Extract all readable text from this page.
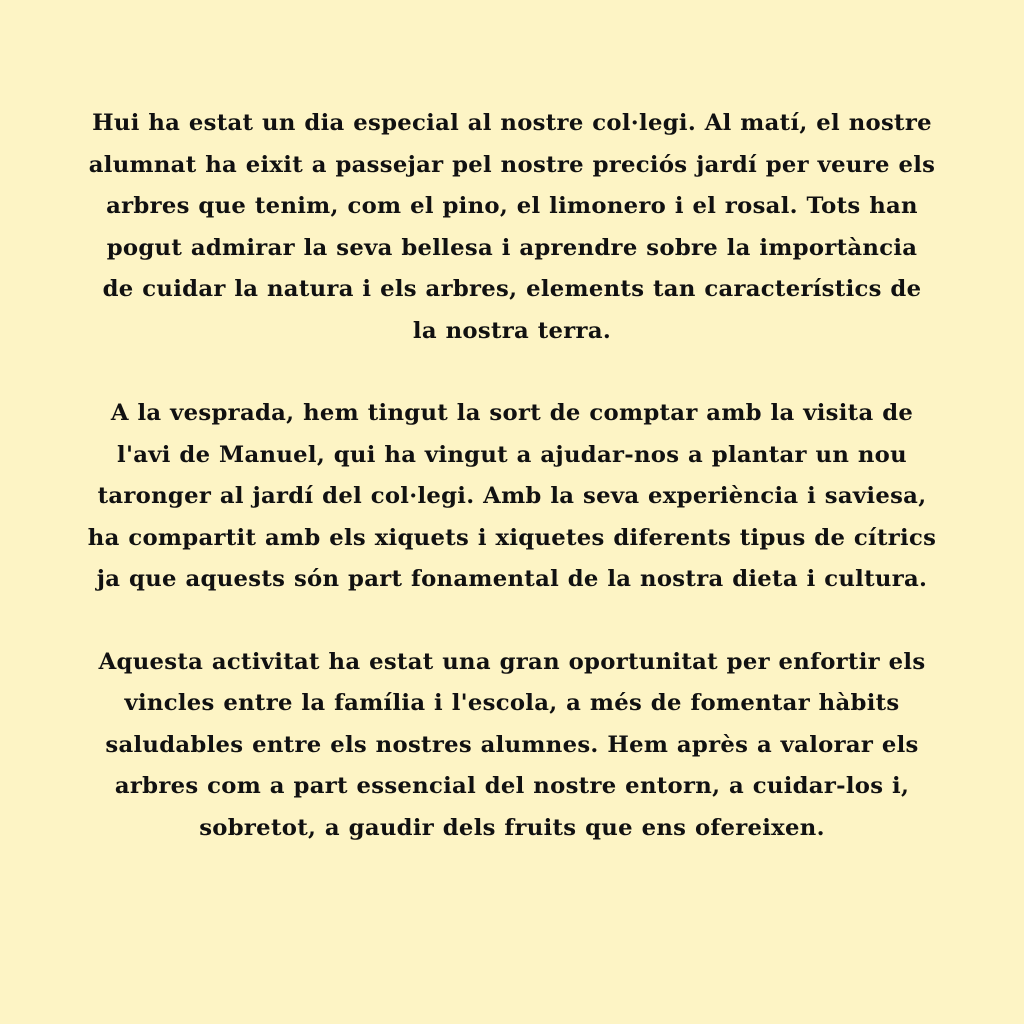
Hui ha estat un dia especial al nostre col·legi. Al matí, el nostre
alumnat ha eixit a passejar pel nostre preciós jardí per veure els
arbres que tenim, com el pino, el limonero i el rosal. Tots han
pogut admirar la seva bellesa i aprendre sobre la importància
de cuidar la natura i els arbres, elements tan característics de
la nostra terra.

A la vesprada, hem tingut la sort de comptar amb la visita de
l'avi de Manuel, qui ha vingut a ajudar-nos a plantar un nou
taronger al jardí del col·legi. Amb la seva experiència i saviesa,
ha compartit amb els xiquets i xiquetes diferents tipus de cítrics
ja que aquests són part fonamental de la nostra dieta i cultura.

Aquesta activitat ha estat una gran oportunitat per enfortir els
vincles entre la família i l'escola, a més de fomentar hàbits
saludables entre els nostres alumnes. Hem après a valorar els
arbres com a part essencial del nostre entorn, a cuidar-los i,
sobretot, a gaudir dels fruits que ens ofereixen.
